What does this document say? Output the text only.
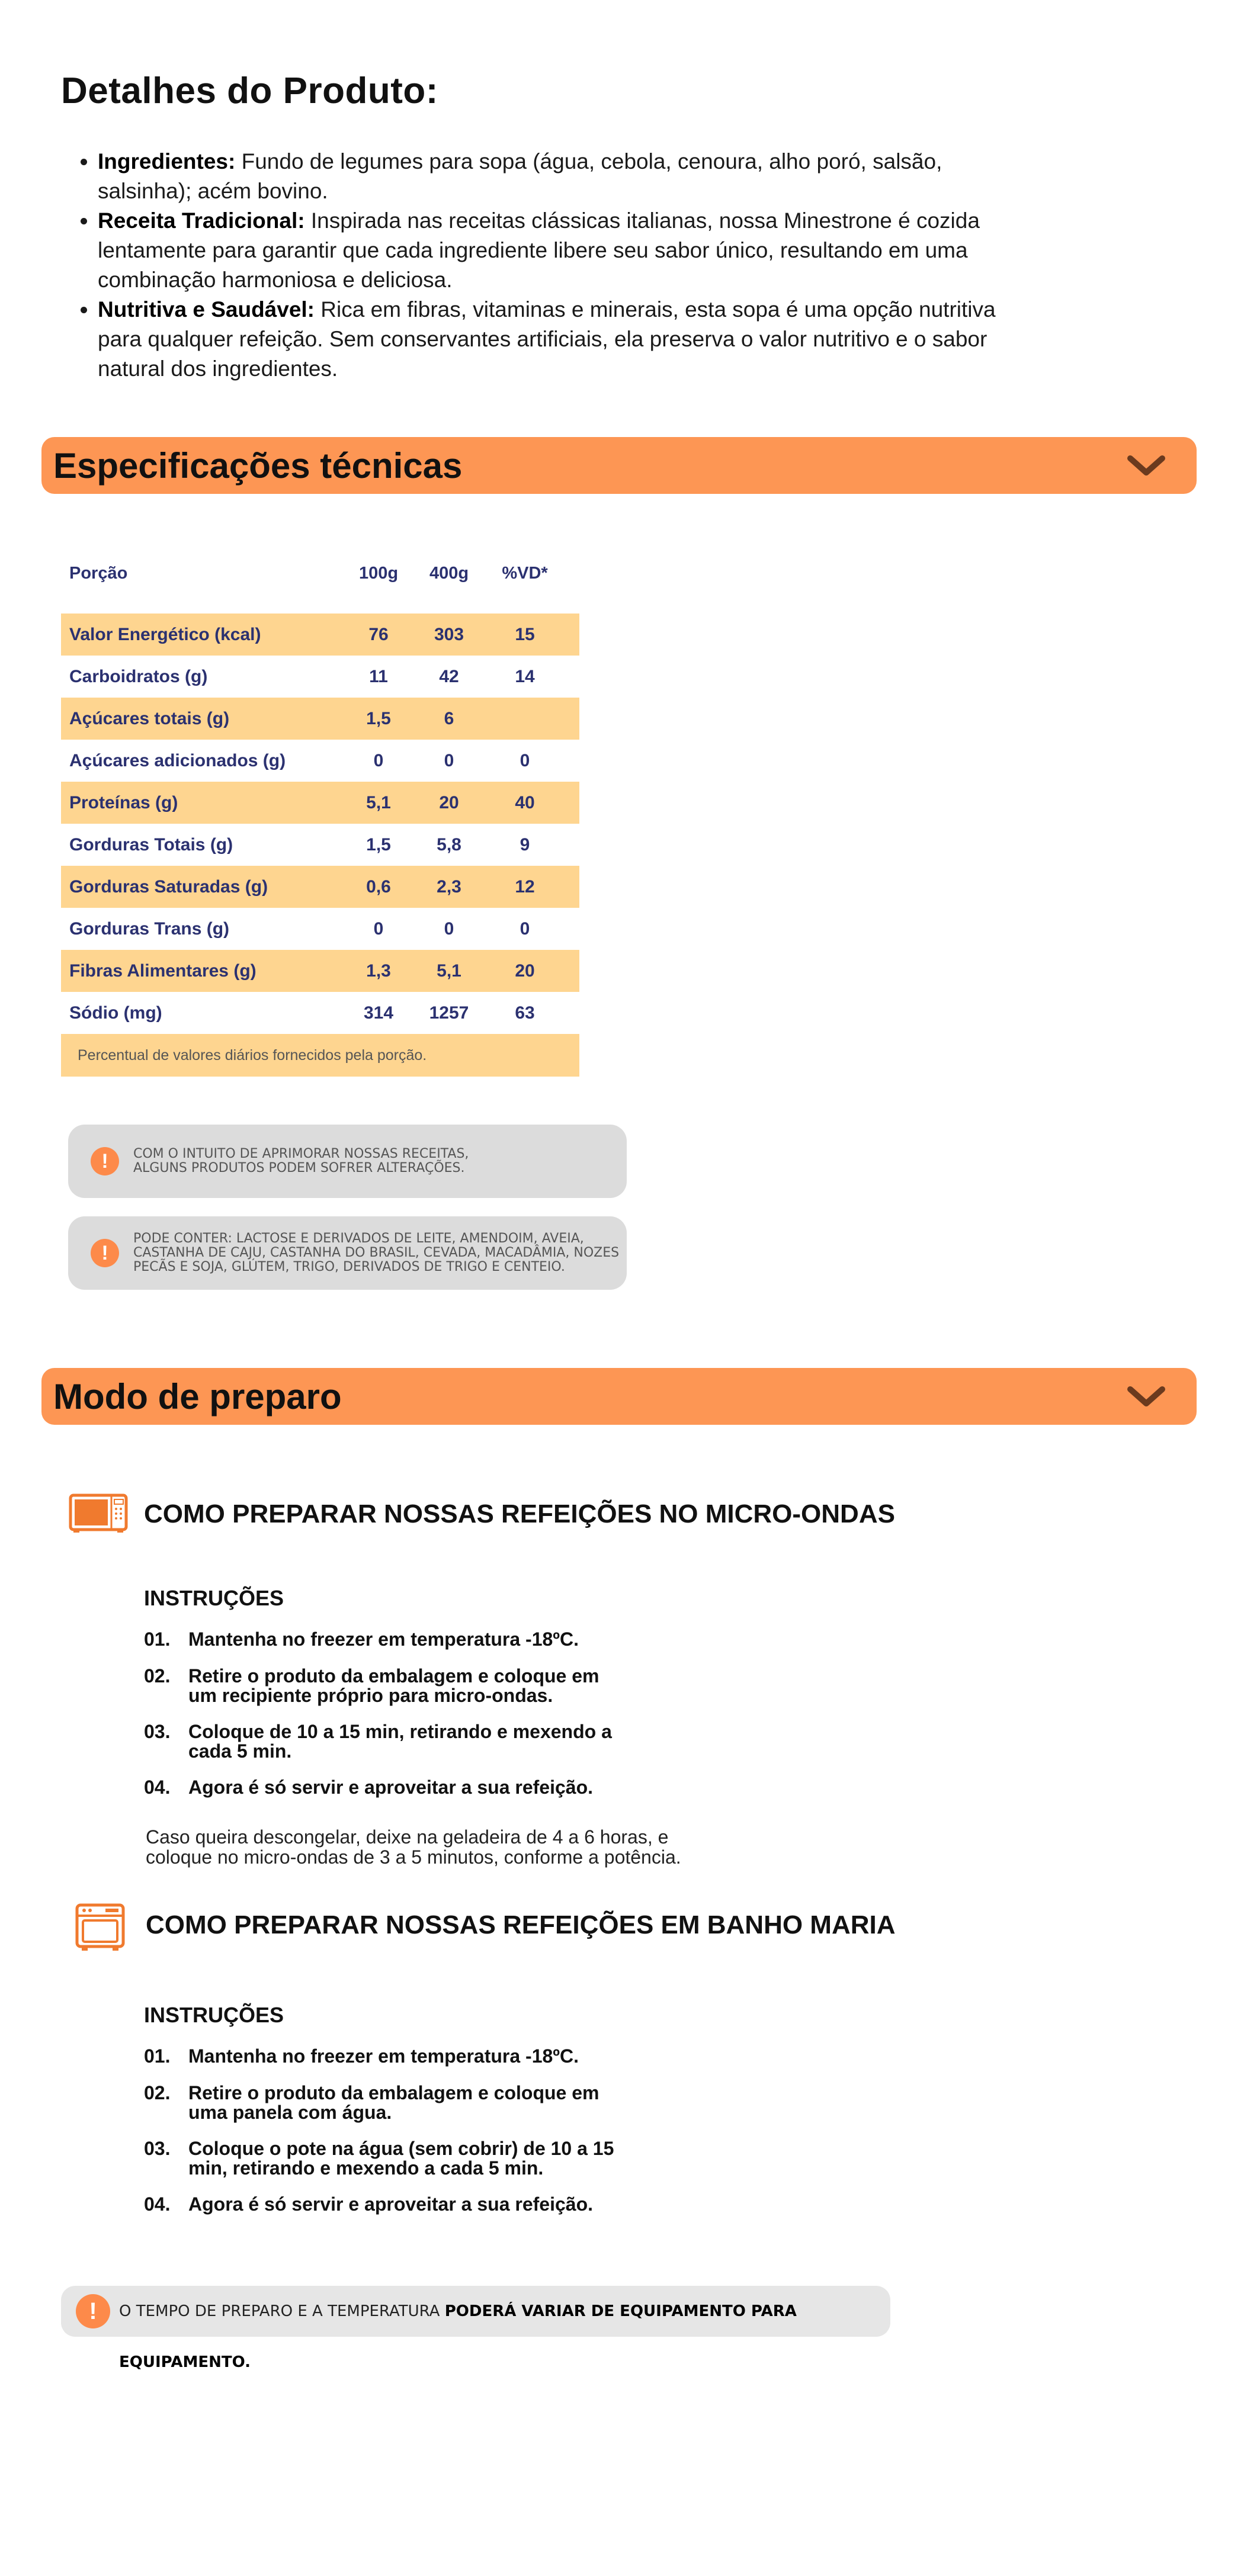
Detalhes do Produto:
• Ingredientes: Fundo de legumes para sopa (água, cebola, cenoura, alho poró, salsão, salsinha); acém bovino.
• Receita Tradicional: Inspirada nas receitas clássicas italianas, nossa Minestrone é cozida lentamente para garantir que cada ingrediente libere seu sabor único, resultando em uma combinação harmoniosa e deliciosa.
• Nutritiva e Saudável: Rica em fibras, vitaminas e minerais, esta sopa é uma opção nutritiva para qualquer refeição. Sem conservantes artificiais, ela preserva o valor nutritivo e o sabor natural dos ingredientes.
Especificações técnicas
Porção	100g	400g	%VD*
Valor Energético (kcal)	76	303	15
Carboidratos (g)	11	42	14
Açúcares totais (g)	1,5	6
Açúcares adicionados (g)	0	0	0
Proteínas (g)	5,1	20	40
Gorduras Totais (g)	1,5	5,8	9
Gorduras Saturadas (g)	0,6	2,3	12
Gorduras Trans (g)	0	0	0
Fibras Alimentares (g)	1,3	5,1	20
Sódio (mg)	314	1257	63
Percentual de valores diários fornecidos pela porção.
!	COM O INTUITO DE APRIMORAR NOSSAS RECEITAS,
ALGUNS PRODUTOS PODEM SOFRER ALTERAÇÕES.
!
PODE CONTER: LACTOSE E DERIVADOS DE LEITE, AMENDOIM, AVEIA,
CASTANHA DE CAJU, CASTANHA DO BRASIL, CEVADA, MACADÂMIA, NOZES
PECÃS E SOJA, GLÚTEM, TRIGO, DERIVADOS DE TRIGO E CENTEIO.
Modo de preparo
COMO PREPARAR NOSSAS REFEIÇÕES NO MICRO-ONDAS
INSTRUÇÕES
01. Mantenha no freezer em temperatura -18ºC.
02. Retire o produto da embalagem e coloque em
um recipiente próprio para micro-ondas.
03. Coloque de 10 a 15 min, retirando e mexendo a
cada 5 min.
04. Agora é só servir e aproveitar a sua refeição.
Caso queira descongelar, deixe na geladeira de 4 a 6 horas, e
coloque no micro-ondas de 3 a 5 minutos, conforme a potência.
COMO PREPARAR NOSSAS REFEIÇÕES EM BANHO MARIA
INSTRUÇÕES
01. Mantenha no freezer em temperatura -18ºC.
02. Retire o produto da embalagem e coloque em
uma panela com água.
03. Coloque o pote na água (sem cobrir) de 10 a 15
min, retirando e mexendo a cada 5 min.
04. Agora é só servir e aproveitar a sua refeição.
!	O TEMPO DE PREPARO E A TEMPERATURA PODERÁ VARIAR DE EQUIPAMENTO PARA EQUIPAMENTO.
